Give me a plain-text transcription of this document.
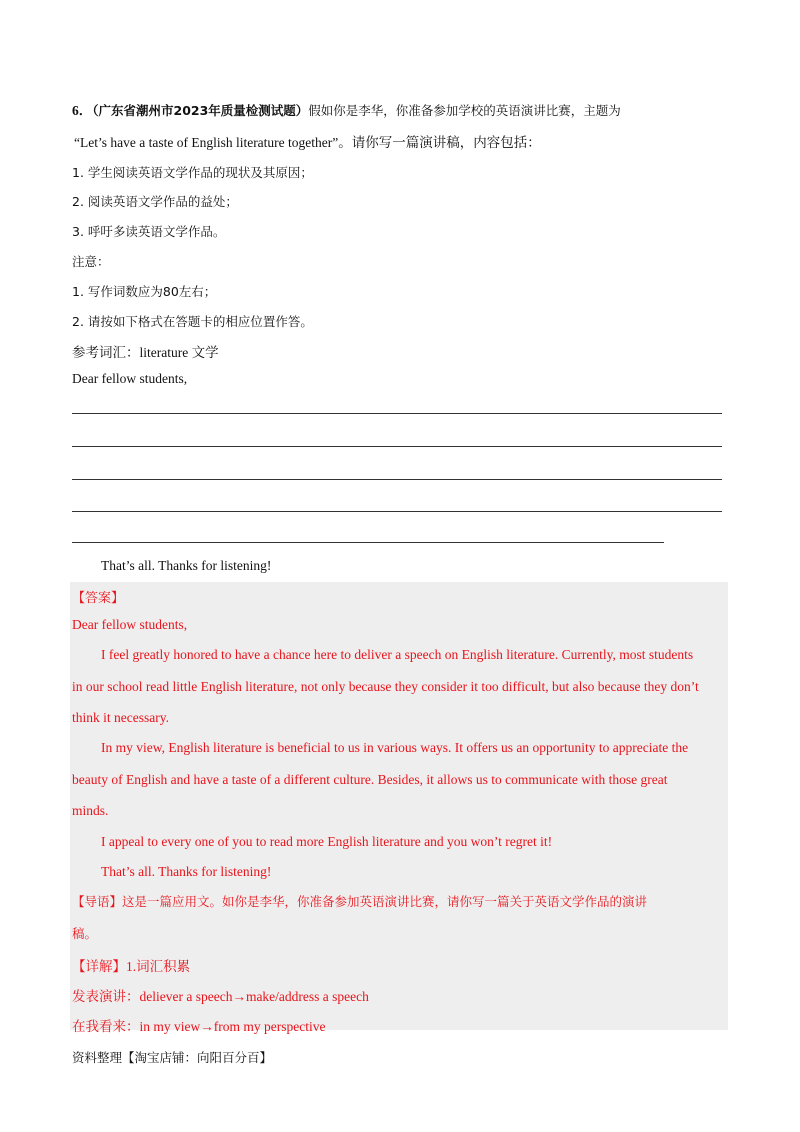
6．（广东省潮州市2023年质量检测试题）假如你是李华，你准备参加学校的英语演讲比赛，主题为
“Let’s have a taste of English literature together”。请你写一篇演讲稿，内容包括：
1. 学生阅读英语文学作品的现状及其原因；
2. 阅读英语文学作品的益处；
3. 呼吁多读英语文学作品。
注意：
1. 写作词数应为80左右；
2. 请按如下格式在答题卡的相应位置作答。
参考词汇：literature 文学
Dear fellow students,
That’s all. Thanks for listening!
【答案】
Dear fellow students,
I feel greatly honored to have a chance here to deliver a speech on English literature. Currently, most students
in our school read little English literature, not only because they consider it too difficult, but also because they don’t
think it necessary.
In my view, English literature is beneficial to us in various ways. It offers us an opportunity to appreciate the
beauty of English and have a taste of a different culture. Besides, it allows us to communicate with those great
minds.
I appeal to every one of you to read more English literature and you won’t regret it!
That’s all. Thanks for listening!
【导语】这是一篇应用文。如你是李华，你准备参加英语演讲比赛，请你写一篇关于英语文学作品的演讲
稿。
【详解】1.词汇积累
发表演讲：deliever a speech→make/address a speech
在我看来：in my view→from my perspective
资料整理【淘宝店铺：向阳百分百】
